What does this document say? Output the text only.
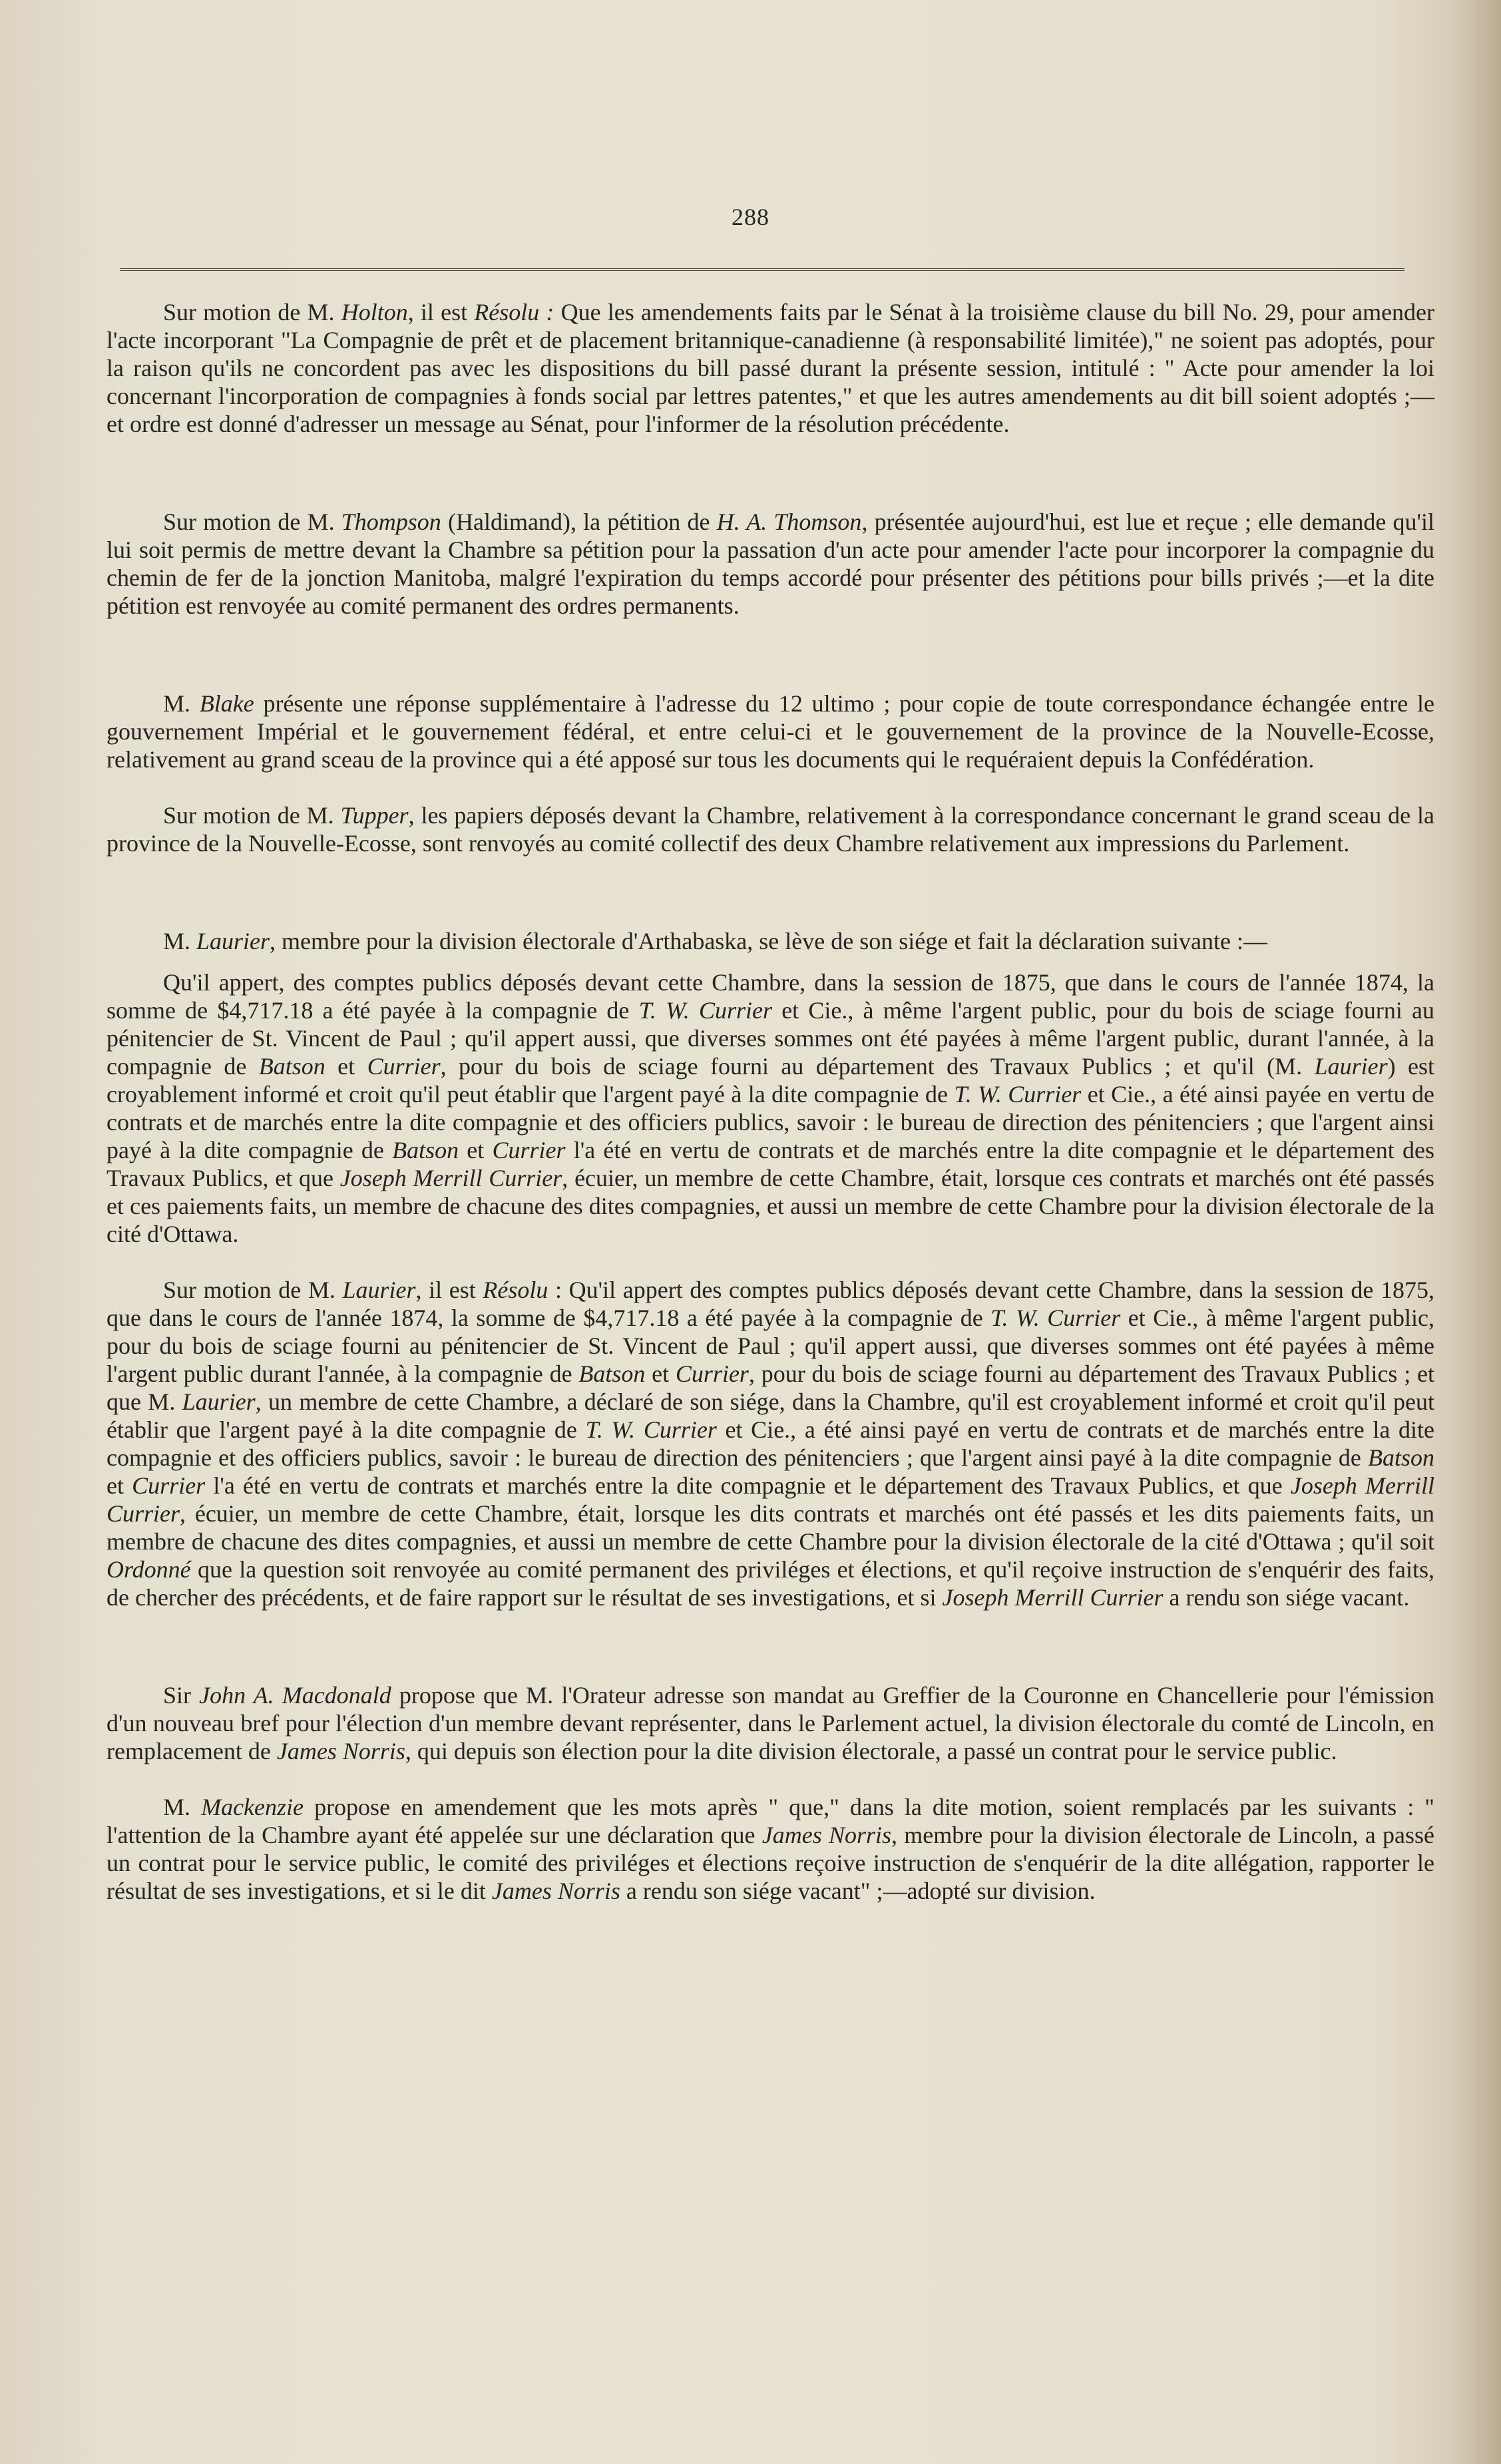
288

Sur motion de M. Holton, il est Résolu : Que les amendements faits par le Sénat à la troisième clause du bill No. 29, pour amender l'acte incorporant "La Compagnie de prêt et de placement britannique-canadienne (à responsabilité limitée)," ne soient pas adoptés, pour la raison qu'ils ne concordent pas avec les dispositions du bill passé durant la présente session, intitulé : " Acte pour amender la loi concernant l'incorporation de compagnies à fonds social par lettres patentes," et que les autres amendements au dit bill soient adoptés ;—et ordre est donné d'adresser un message au Sénat, pour l'informer de la résolution précédente.

Sur motion de M. Thompson (Haldimand), la pétition de H. A. Thomson, présentée aujourd'hui, est lue et reçue ; elle demande qu'il lui soit permis de mettre devant la Chambre sa pétition pour la passation d'un acte pour amender l'acte pour incorporer la compagnie du chemin de fer de la jonction Manitoba, malgré l'expiration du temps accordé pour présenter des pétitions pour bills privés ;—et la dite pétition est renvoyée au comité permanent des ordres permanents.

M. Blake présente une réponse supplémentaire à l'adresse du 12 ultimo ; pour copie de toute correspondance échangée entre le gouvernement Impérial et le gouvernement fédéral, et entre celui-ci et le gouvernement de la province de la Nouvelle-Ecosse, relativement au grand sceau de la province qui a été apposé sur tous les documents qui le requéraient depuis la Confédération.

Sur motion de M. Tupper, les papiers déposés devant la Chambre, relativement à la correspondance concernant le grand sceau de la province de la Nouvelle-Ecosse, sont renvoyés au comité collectif des deux Chambre relativement aux impressions du Parlement.

M. Laurier, membre pour la division électorale d'Arthabaska, se lève de son siége et fait la déclaration suivante :—

Qu'il appert, des comptes publics déposés devant cette Chambre, dans la session de 1875, que dans le cours de l'année 1874, la somme de $4,717.18 a été payée à la compagnie de T. W. Currier et Cie., à même l'argent public, pour du bois de sciage fourni au pénitencier de St. Vincent de Paul ; qu'il appert aussi, que diverses sommes ont été payées à même l'argent public, durant l'année, à la compagnie de Batson et Currier, pour du bois de sciage fourni au département des Travaux Publics ; et qu'il (M. Laurier) est croyablement informé et croit qu'il peut établir que l'argent payé à la dite compagnie de T. W. Currier et Cie., a été ainsi payée en vertu de contrats et de marchés entre la dite compagnie et des officiers publics, savoir : le bureau de direction des pénitenciers ; que l'argent ainsi payé à la dite compagnie de Batson et Currier l'a été en vertu de contrats et de marchés entre la dite compagnie et le département des Travaux Publics, et que Joseph Merrill Currier, écuier, un membre de cette Chambre, était, lorsque ces contrats et marchés ont été passés et ces paiements faits, un membre de chacune des dites compagnies, et aussi un membre de cette Chambre pour la division électorale de la cité d'Ottawa.

Sur motion de M. Laurier, il est Résolu : Qu'il appert des comptes publics déposés devant cette Chambre, dans la session de 1875, que dans le cours de l'année 1874, la somme de $4,717.18 a été payée à la compagnie de T. W. Currier et Cie., à même l'argent public, pour du bois de sciage fourni au pénitencier de St. Vincent de Paul ; qu'il appert aussi, que diverses sommes ont été payées à même l'argent public durant l'année, à la compagnie de Batson et Currier, pour du bois de sciage fourni au département des Travaux Publics ; et que M. Laurier, un membre de cette Chambre, a déclaré de son siége, dans la Chambre, qu'il est croyablement informé et croit qu'il peut établir que l'argent payé à la dite compagnie de T. W. Currier et Cie., a été ainsi payé en vertu de contrats et de marchés entre la dite compagnie et des officiers publics, savoir : le bureau de direction des pénitenciers ; que l'argent ainsi payé à la dite compagnie de Batson et Currier l'a été en vertu de contrats et marchés entre la dite compagnie et le département des Travaux Publics, et que Joseph Merrill Currier, écuier, un membre de cette Chambre, était, lorsque les dits contrats et marchés ont été passés et les dits paiements faits, un membre de chacune des dites compagnies, et aussi un membre de cette Chambre pour la division électorale de la cité d'Ottawa ; qu'il soit Ordonné que la question soit renvoyée au comité permanent des priviléges et élections, et qu'il reçoive instruction de s'enquérir des faits, de chercher des précédents, et de faire rapport sur le résultat de ses investigations, et si Joseph Merrill Currier a rendu son siége vacant.

Sir John A. Macdonald propose que M. l'Orateur adresse son mandat au Greffier de la Couronne en Chancellerie pour l'émission d'un nouveau bref pour l'élection d'un membre devant représenter, dans le Parlement actuel, la division électorale du comté de Lincoln, en remplacement de James Norris, qui depuis son élection pour la dite division électorale, a passé un contrat pour le service public.

M. Mackenzie propose en amendement que les mots après " que," dans la dite motion, soient remplacés par les suivants : " l'attention de la Chambre ayant été appelée sur une déclaration que James Norris, membre pour la division électorale de Lincoln, a passé un contrat pour le service public, le comité des priviléges et élections reçoive instruction de s'enquérir de la dite allégation, rapporter le résultat de ses investigations, et si le dit James Norris a rendu son siége vacant" ;—adopté sur division.
